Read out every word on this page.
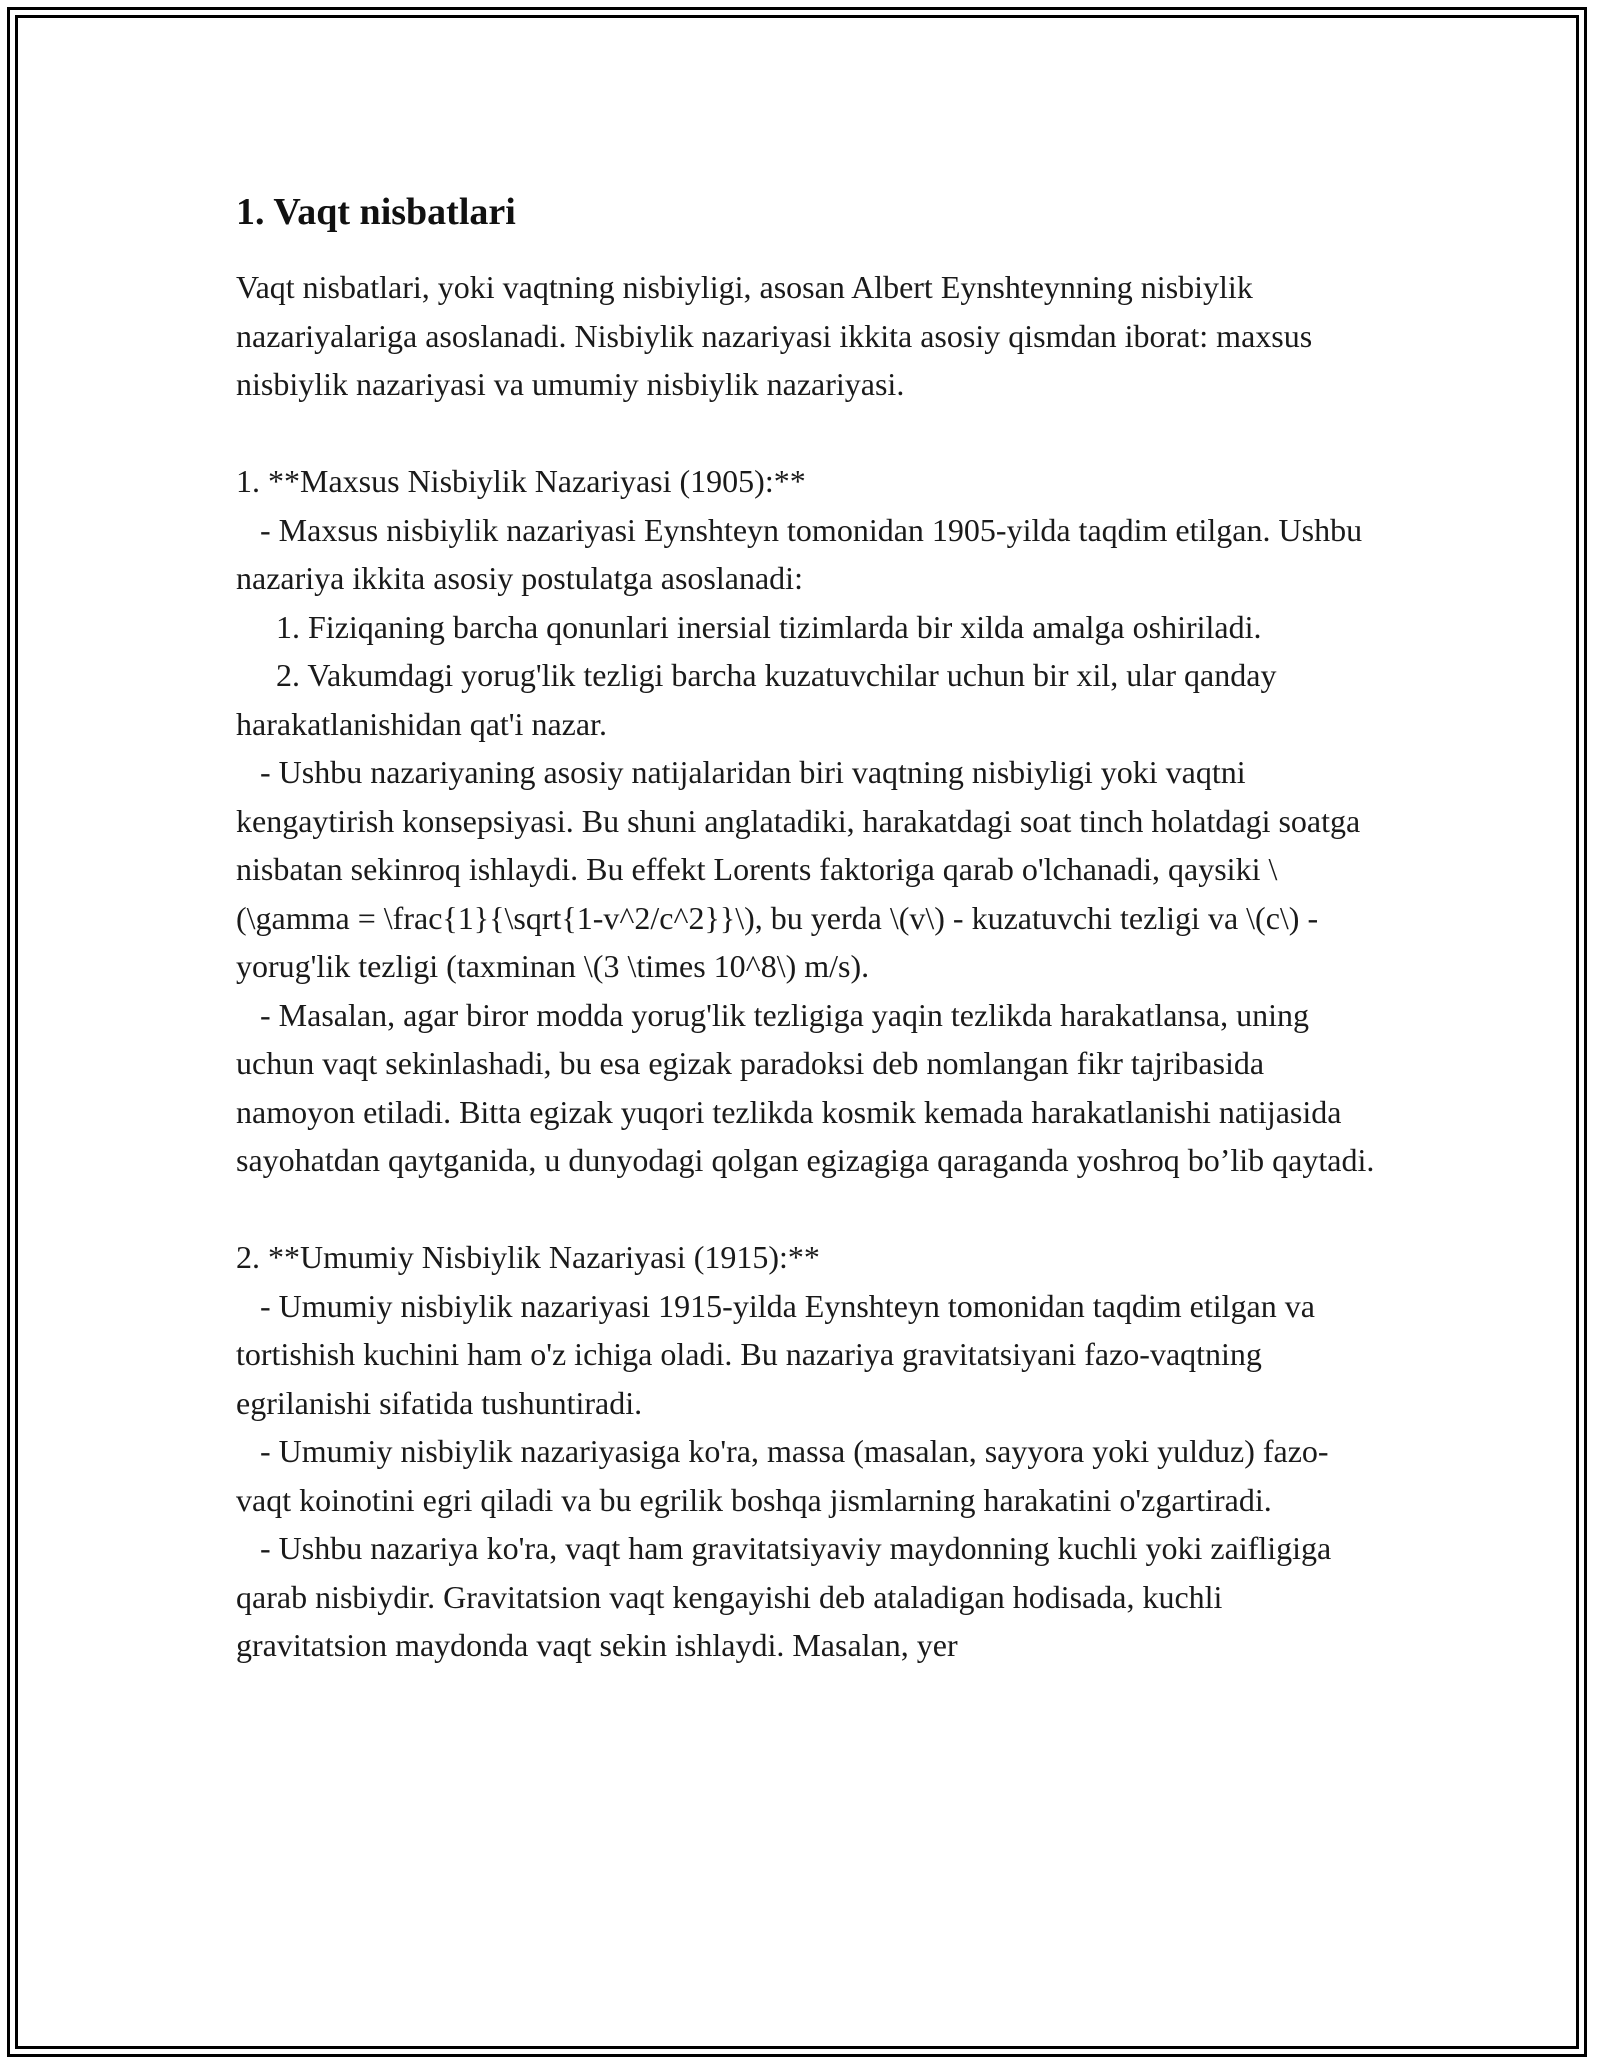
1. Vaqt nisbatlari

Vaqt nisbatlari, yoki vaqtning nisbiyligi, asosan Albert Eynshteynning nisbiylik nazariyalariga asoslanadi. Nisbiylik nazariyasi ikkita asosiy qismdan iborat: maxsus nisbiylik nazariyasi va umumiy nisbiylik nazariyasi.

1. **Maxsus Nisbiylik Nazariyasi (1905):**

- Maxsus nisbiylik nazariyasi Eynshteyn tomonidan 1905-yilda taqdim etilgan. Ushbu nazariya ikkita asosiy postulatga asoslanadi:

1. Fiziqaning barcha qonunlari inersial tizimlarda bir xilda amalga oshiriladi.

2. Vakumdagi yorug'lik tezligi barcha kuzatuvchilar uchun bir xil, ular qanday harakatlanishidan qat'i nazar.

- Ushbu nazariyaning asosiy natijalaridan biri vaqtning nisbiyligi yoki vaqtni kengaytirish konsepsiyasi. Bu shuni anglatadiki, harakatdagi soat tinch holatdagi soatga nisbatan sekinroq ishlaydi. Bu effekt Lorents faktoriga qarab o'lchanadi, qaysiki \(\gamma = \frac{1}{\sqrt{1-v^2/c^2}}\), bu yerda \(v\) - kuzatuvchi tezligi va \(c\) - yorug'lik tezligi (taxminan \(3 \times 10^8\) m/s).

- Masalan, agar biror modda yorug'lik tezligiga yaqin tezlikda harakatlansa, uning uchun vaqt sekinlashadi, bu esa egizak paradoksi deb nomlangan fikr tajribasida namoyon etiladi. Bitta egizak yuqori tezlikda kosmik kemada harakatlanishi natijasida sayohatdan qaytganida, u dunyodagi qolgan egizagiga qaraganda yoshroq bo’lib qaytadi.

2. **Umumiy Nisbiylik Nazariyasi (1915):**

- Umumiy nisbiylik nazariyasi 1915-yilda Eynshteyn tomonidan taqdim etilgan va tortishish kuchini ham o'z ichiga oladi. Bu nazariya gravitatsiyani fazo-vaqtning egrilanishi sifatida tushuntiradi.

- Umumiy nisbiylik nazariyasiga ko'ra, massa (masalan, sayyora yoki yulduz) fazo-vaqt koinotini egri qiladi va bu egrilik boshqa jismlarning harakatini o'zgartiradi.

- Ushbu nazariya ko'ra, vaqt ham gravitatsiyaviy maydonning kuchli yoki zaifligiga qarab nisbiydir. Gravitatsion vaqt kengayishi deb ataladigan hodisada, kuchli gravitatsion maydonda vaqt sekin ishlaydi. Masalan, yer
